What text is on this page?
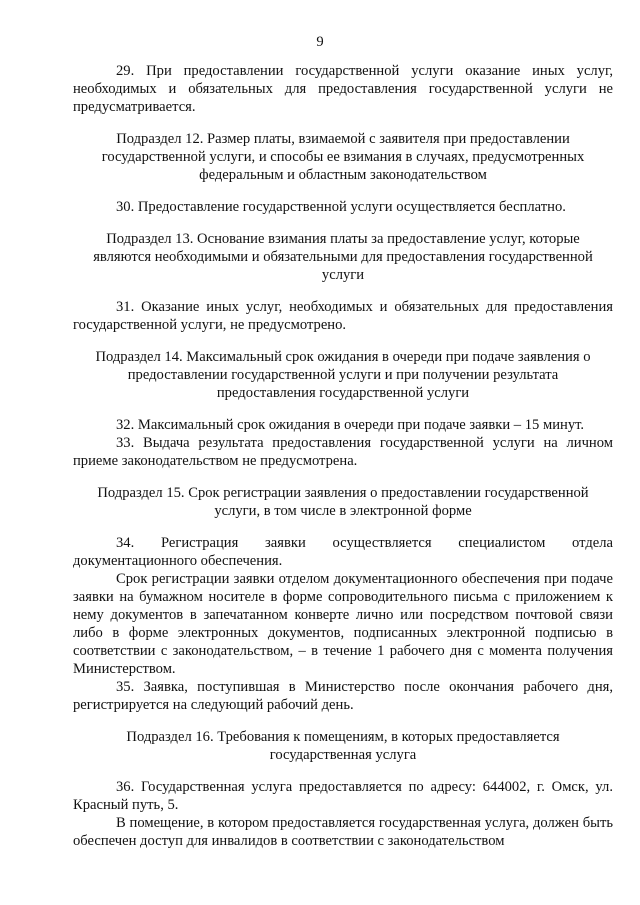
9

29. При предоставлении государственной услуги оказание иных услуг, необходимых и обязательных для предоставления государственной услуги не предусматривается.

Подраздел 12. Размер платы, взимаемой с заявителя при предоставлении государственной услуги, и способы ее взимания в случаях, предусмотренных федеральным и областным законодательством

30. Предоставление государственной услуги осуществляется бесплатно.

Подраздел 13. Основание взимания платы за предоставление услуг, которые являются необходимыми и обязательными для предоставления государственной услуги

31. Оказание иных услуг, необходимых и обязательных для предоставления государственной услуги, не предусмотрено.

Подраздел 14. Максимальный срок ожидания в очереди при подаче заявления о предоставлении государственной услуги и при получении результата предоставления государственной услуги

32. Максимальный срок ожидания в очереди при подаче заявки – 15 минут.

33. Выдача результата предоставления государственной услуги на личном приеме законодательством не предусмотрена.

Подраздел 15. Срок регистрации заявления о предоставлении государственной услуги, в том числе в электронной форме

34. Регистрация заявки осуществляется специалистом отдела документационного обеспечения.

Срок регистрации заявки отделом документационного обеспечения при подаче заявки на бумажном носителе в форме сопроводительного письма с приложением к нему документов в запечатанном конверте лично или посредством почтовой связи либо в форме электронных документов, подписанных электронной подписью в соответствии с законодательством, – в течение 1 рабочего дня с момента получения Министерством.

35. Заявка, поступившая в Министерство после окончания рабочего дня, регистрируется на следующий рабочий день.

Подраздел 16. Требования к помещениям, в которых предоставляется государственная услуга

36. Государственная услуга предоставляется по адресу: 644002, г. Омск, ул. Красный путь, 5.

В помещение, в котором предоставляется государственная услуга, должен быть обеспечен доступ для инвалидов в соответствии с законодательством
